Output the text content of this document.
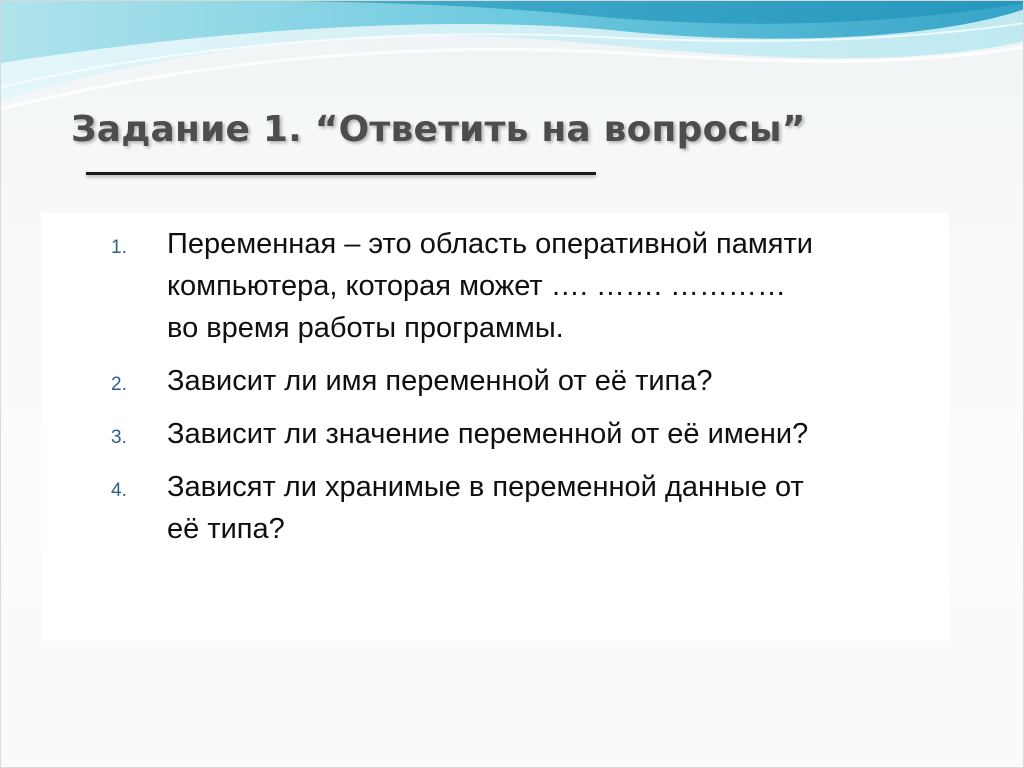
Задание 1. “Ответить на вопросы”
1.	Переменная – это область оперативной памяти
компьютера, которая может …. ……. …………
во время работы программы.
2.	Зависит ли имя переменной от её типа?
3.	Зависит ли значение переменной от её имени?
4.	Зависят ли хранимые в переменной данные от
её типа?
